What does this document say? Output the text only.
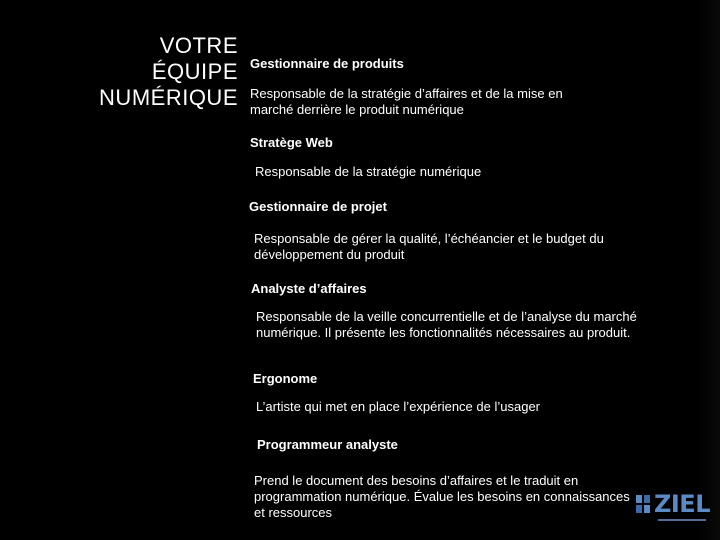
VOTRE
ÉQUIPE
NUMÉRIQUE
Gestionnaire de produits
Responsable de la stratégie d’affaires et de la mise en marché derrière le produit numérique
Stratège Web
Responsable de la stratégie numérique
Gestionnaire de projet
Responsable de gérer la qualité, l’échéancier et le budget du développement du produit
Analyste d’affaires
Responsable de la veille concurrentielle et de l’analyse du marché numérique. Il présente les fonctionnalités nécessaires au produit.
Ergonome
L’artiste qui met en place l’expérience de l’usager
Programmeur analyste
Prend le document des besoins d’affaires et le traduit en programmation numérique. Évalue les besoins en connaissances et ressources	ZIEL
